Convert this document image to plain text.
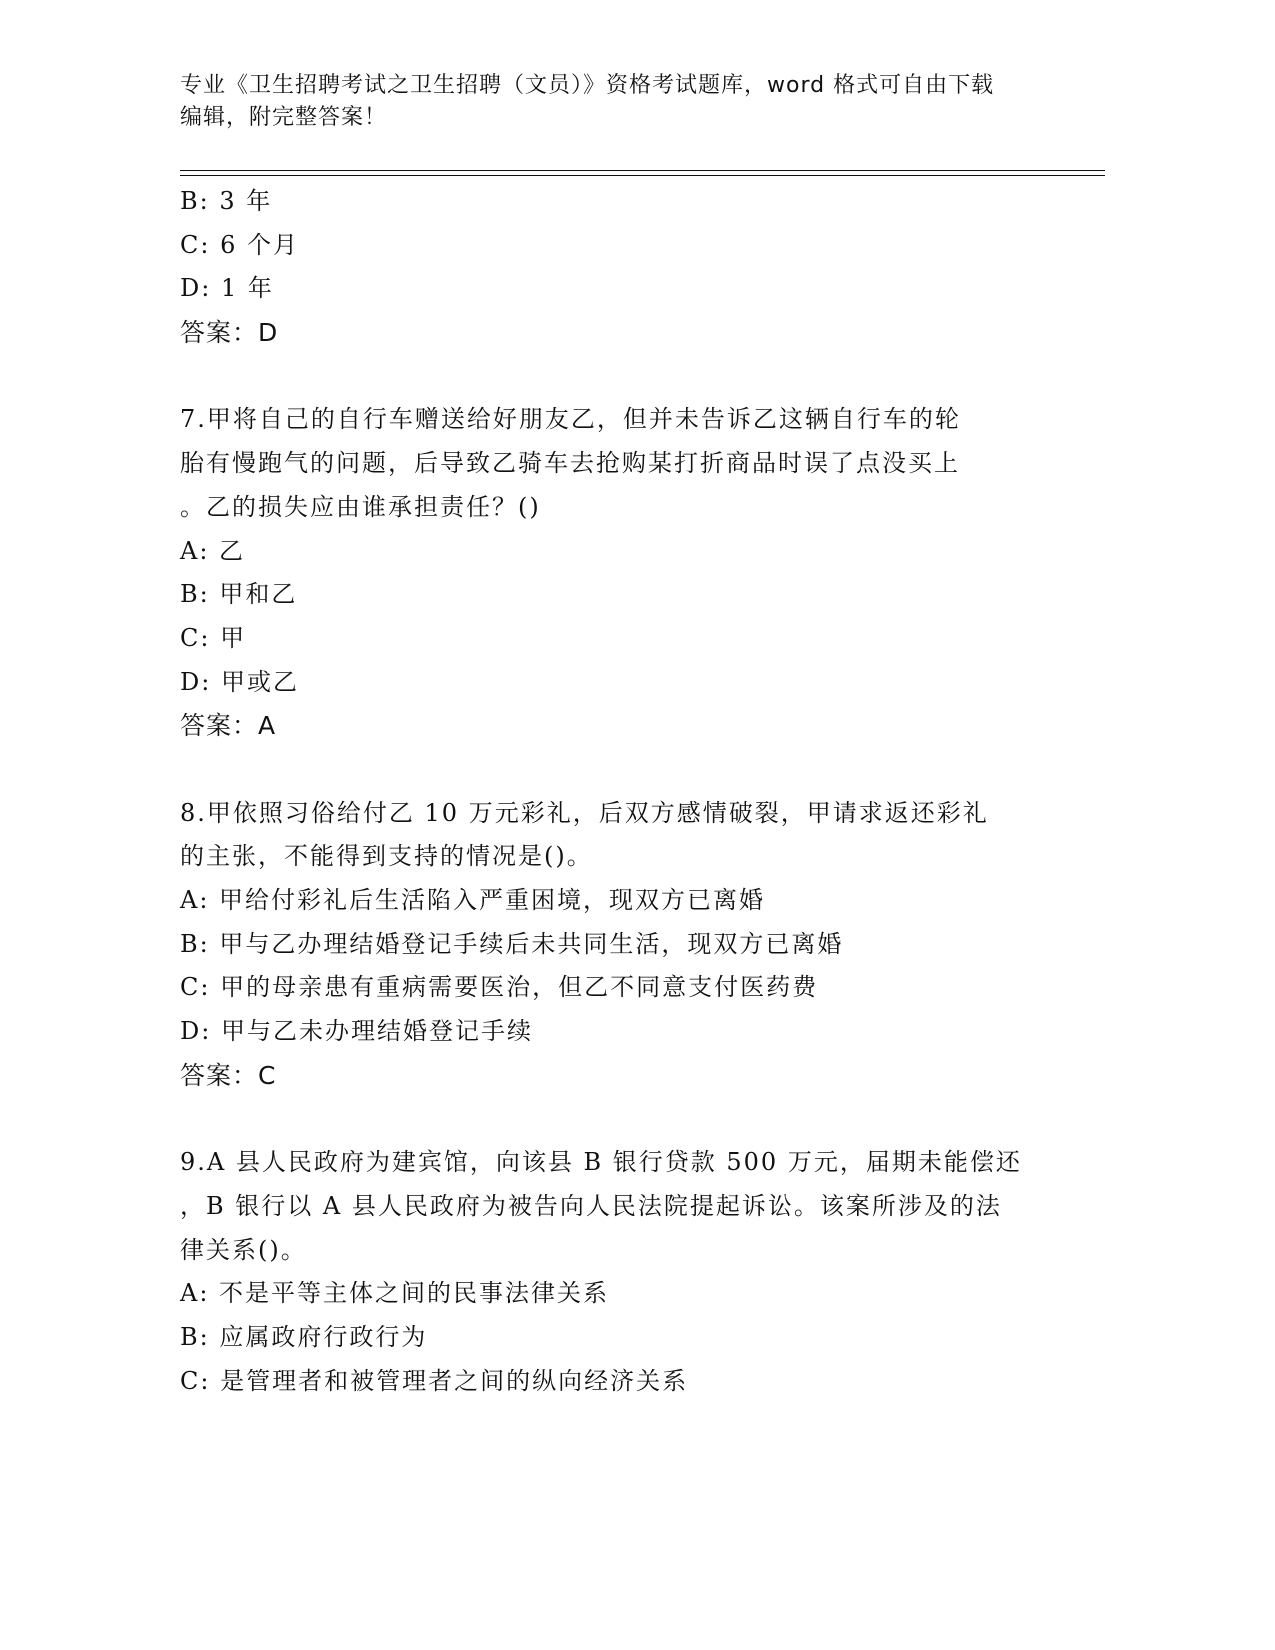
专业《卫生招聘考试之卫生招聘（文员）》资格考试题库，word 格式可自由下载
编辑，附完整答案！
B: 3 年
C: 6 个月
D: 1 年
答案：D
7.甲将自己的自行车赠送给好朋友乙，但并未告诉乙这辆自行车的轮
胎有慢跑气的问题，后导致乙骑车去抢购某打折商品时误了点没买上
。乙的损失应由谁承担责任？()
A: 乙
B: 甲和乙
C: 甲
D: 甲或乙
答案：A
8.甲依照习俗给付乙 10 万元彩礼，后双方感情破裂，甲请求返还彩礼
的主张，不能得到支持的情况是()。
A: 甲给付彩礼后生活陷入严重困境，现双方已离婚
B: 甲与乙办理结婚登记手续后未共同生活，现双方已离婚
C: 甲的母亲患有重病需要医治，但乙不同意支付医药费
D: 甲与乙未办理结婚登记手续
答案：C
9.A 县人民政府为建宾馆，向该县 B 银行贷款 500 万元，届期未能偿还
，B 银行以 A 县人民政府为被告向人民法院提起诉讼。该案所涉及的法
律关系()。
A: 不是平等主体之间的民事法律关系
B: 应属政府行政行为
C: 是管理者和被管理者之间的纵向经济关系
